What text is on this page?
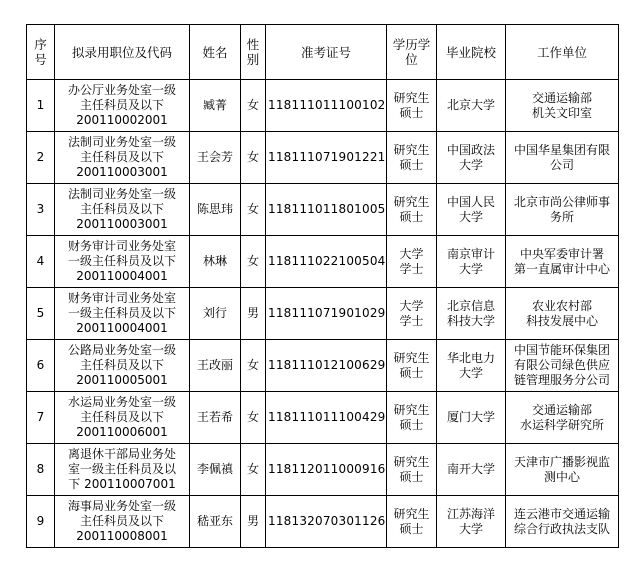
序
号	拟录用职位及代码	姓名	性
别	准考证号	学历学
位	毕业院校	工作单位

1	办公厅业务处室一级
主任科员及以下
200110002001	臧菁	女	118111011100102	研究生
硕士	北京大学	交通运输部
机关文印室

2	法制司业务处室一级
主任科员及以下
200110003001	王会芳	女	118111071901221	研究生
硕士	中国政法
大学	中国华星集团有限
公司

3	法制司业务处室一级
主任科员及以下
200110003001	陈思玮	女	118111011801005	研究生
硕士	中国人民
大学	北京市尚公律师事
务所

4	财务审计司业务处室
一级主任科员及以下
200110004001	林琳	女	118111022100504	大学
学士	南京审计
大学	中央军委审计署
第一直属审计中心

5	财务审计司业务处室
一级主任科员及以下
200110004001	刘行	男	118111071901029	大学
学士	北京信息
科技大学	农业农村部
科技发展中心

6	公路局业务处室一级
主任科员及以下
200110005001	王改丽	女	118111012100629	研究生
硕士	华北电力
大学	中国节能环保集团
有限公司绿色供应
链管理服务分公司

7	水运局业务处室一级
主任科员及以下
200110006001	王若希	女	118111011100429	研究生
硕士	厦门大学	交通运输部
水运科学研究所

8	离退休干部局业务处
室一级主任科员及以
下 200110007001	李佩禛	女	118112011000916	研究生
硕士	南开大学	天津市广播影视监
测中心

9	海事局业务处室一级
主任科员及以下
200110008001	嵇亚东	男	118132070301126	研究生
硕士	江苏海洋
大学	连云港市交通运输
综合行政执法支队
